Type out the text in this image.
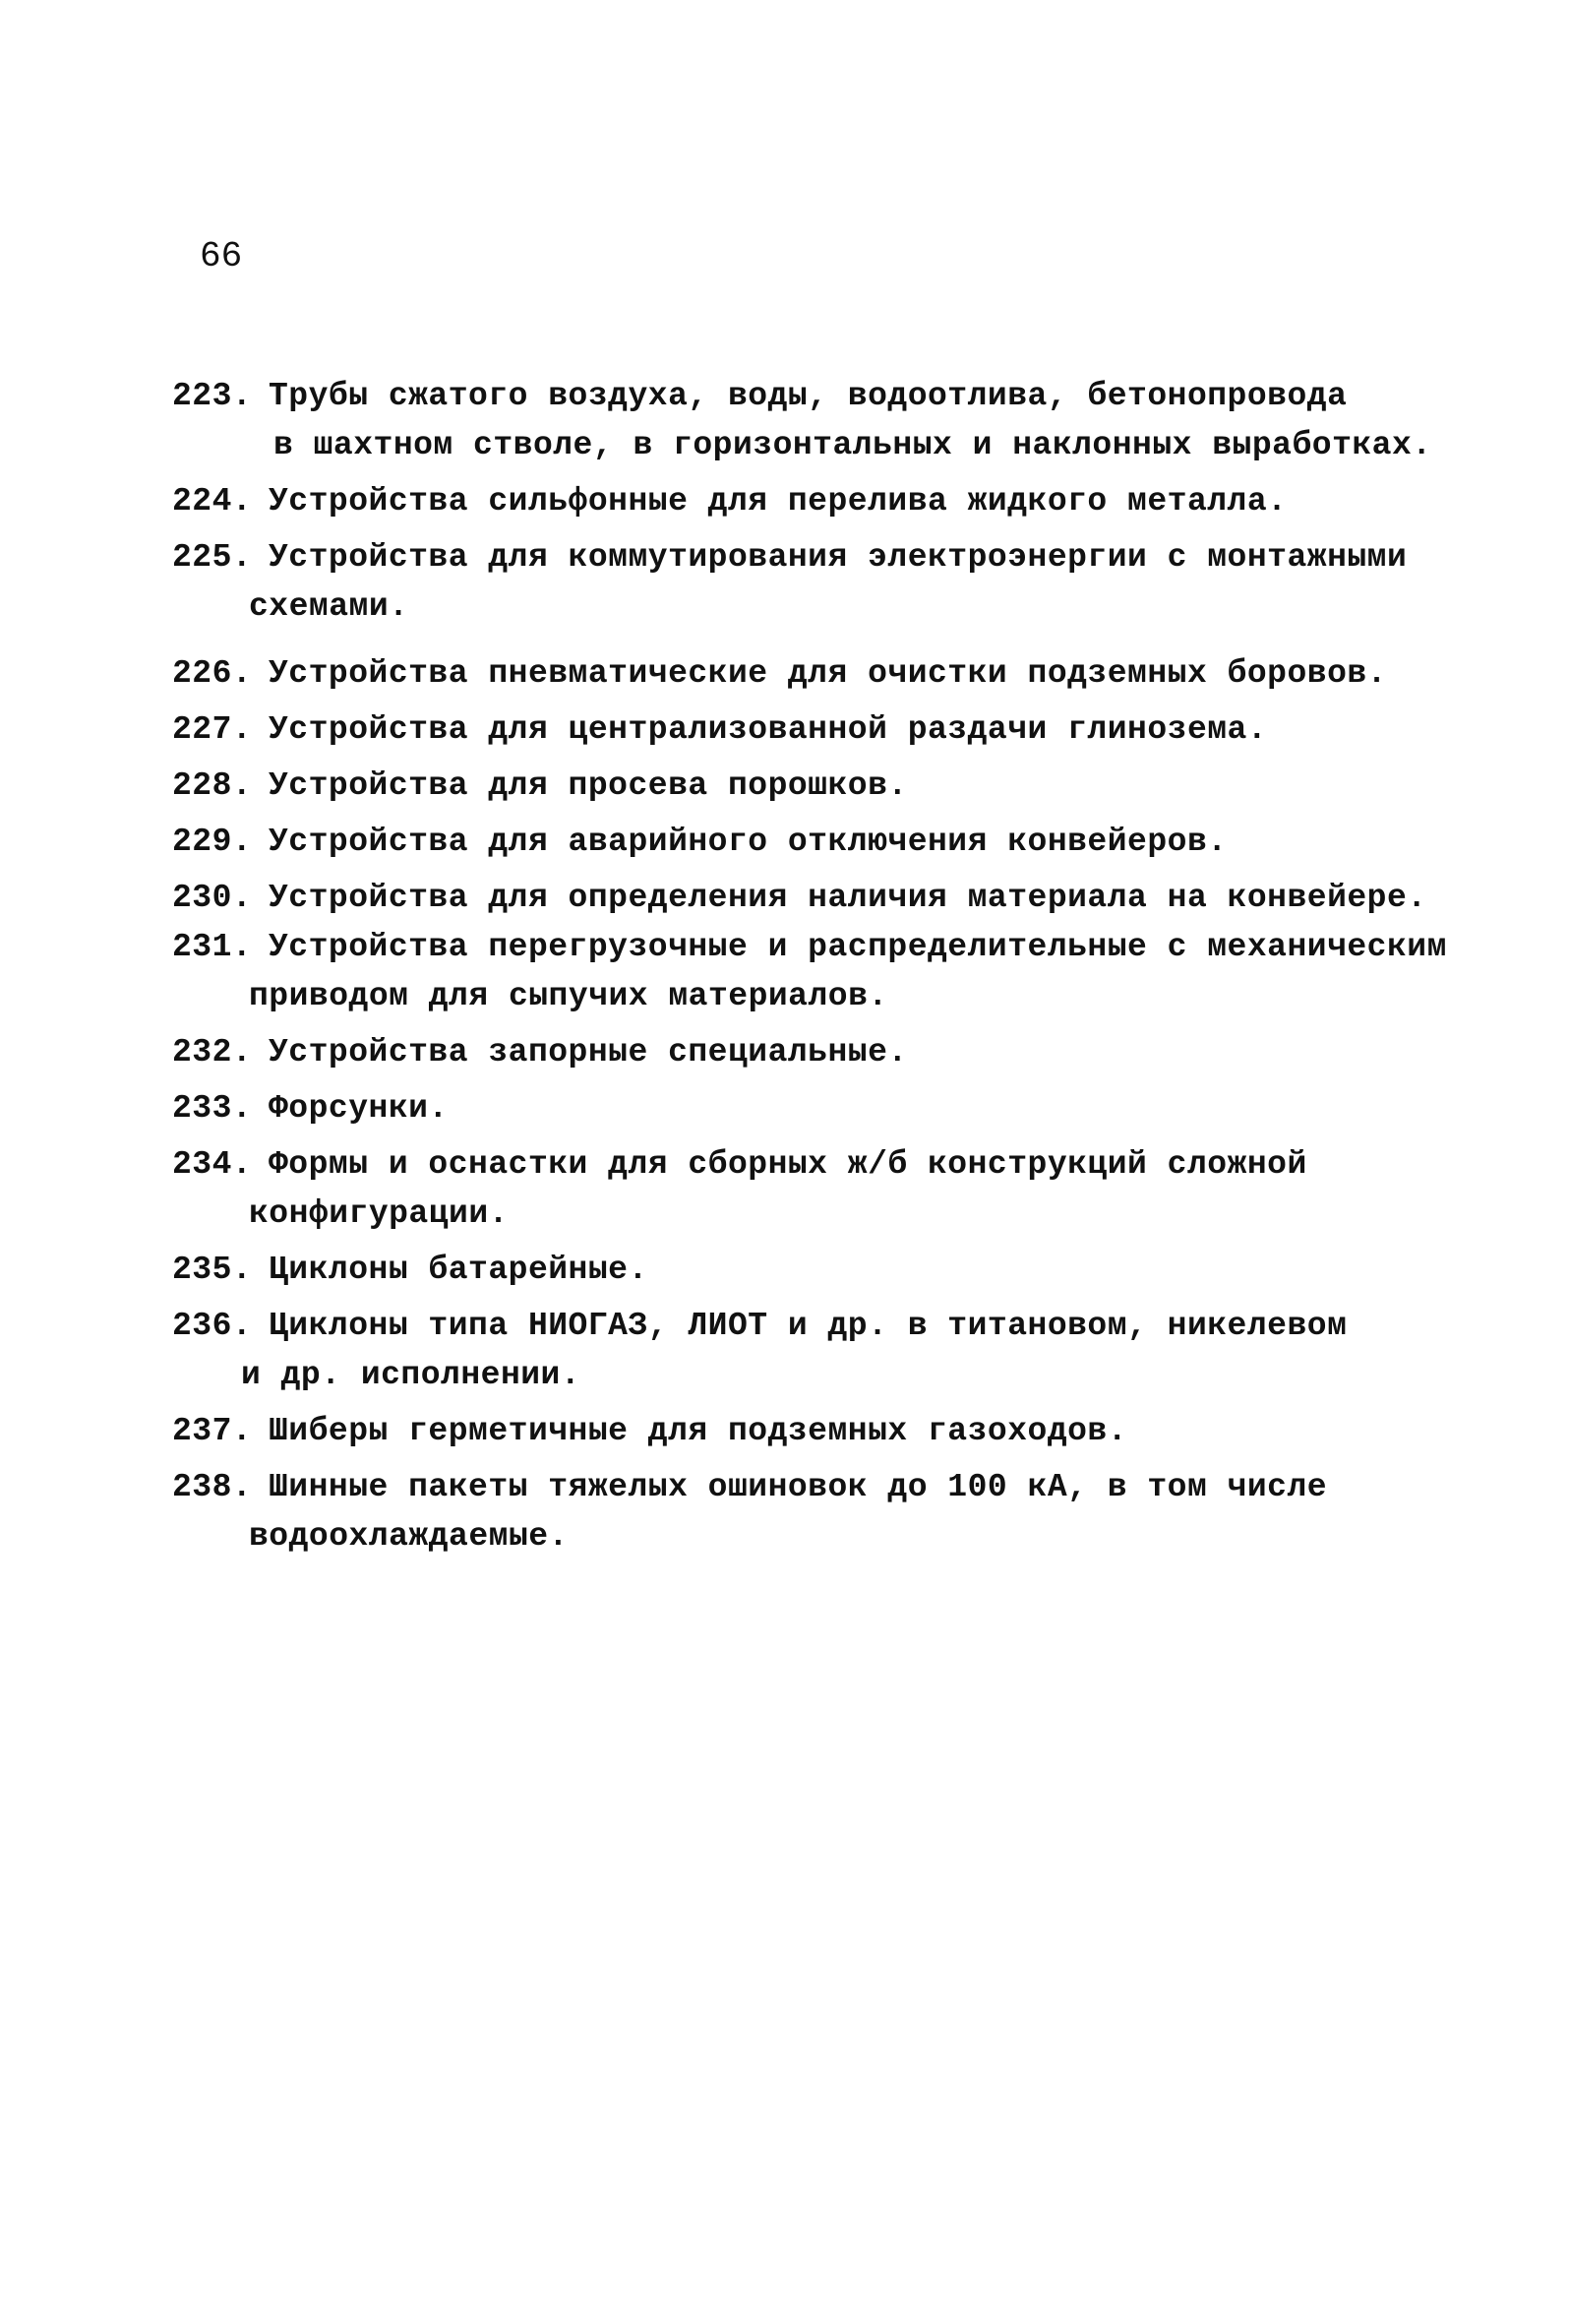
66
223. Трубы сжатого воздуха, воды, водоотлива, бетонопровода
в шахтном стволе, в горизонтальных и наклонных выработках.
224. Устройства сильфонные для перелива жидкого металла.
225. Устройства для коммутирования электроэнергии с монтажными
схемами.
226. Устройства пневматические для очистки подземных боровов.
227. Устройства для централизованной раздачи глинозема.
228. Устройства для просева порошков.
229. Устройства для аварийного отключения конвейеров.
230. Устройства для определения наличия материала на конвейере.
231. Устройства перегрузочные и распределительные с механическим
приводом для сыпучих материалов.
232. Устройства запорные специальные.
233. Форсунки.
234. Формы и оснастки для сборных ж/б конструкций сложной
конфигурации.
235. Циклоны батарейные.
236. Циклоны типа НИОГАЗ, ЛИОТ и др. в титановом, никелевом
и др. исполнении.
237. Шиберы герметичные для подземных газоходов.
238. Шинные пакеты тяжелых ошиновок до 100 кА, в том числе
водоохлаждаемые.
